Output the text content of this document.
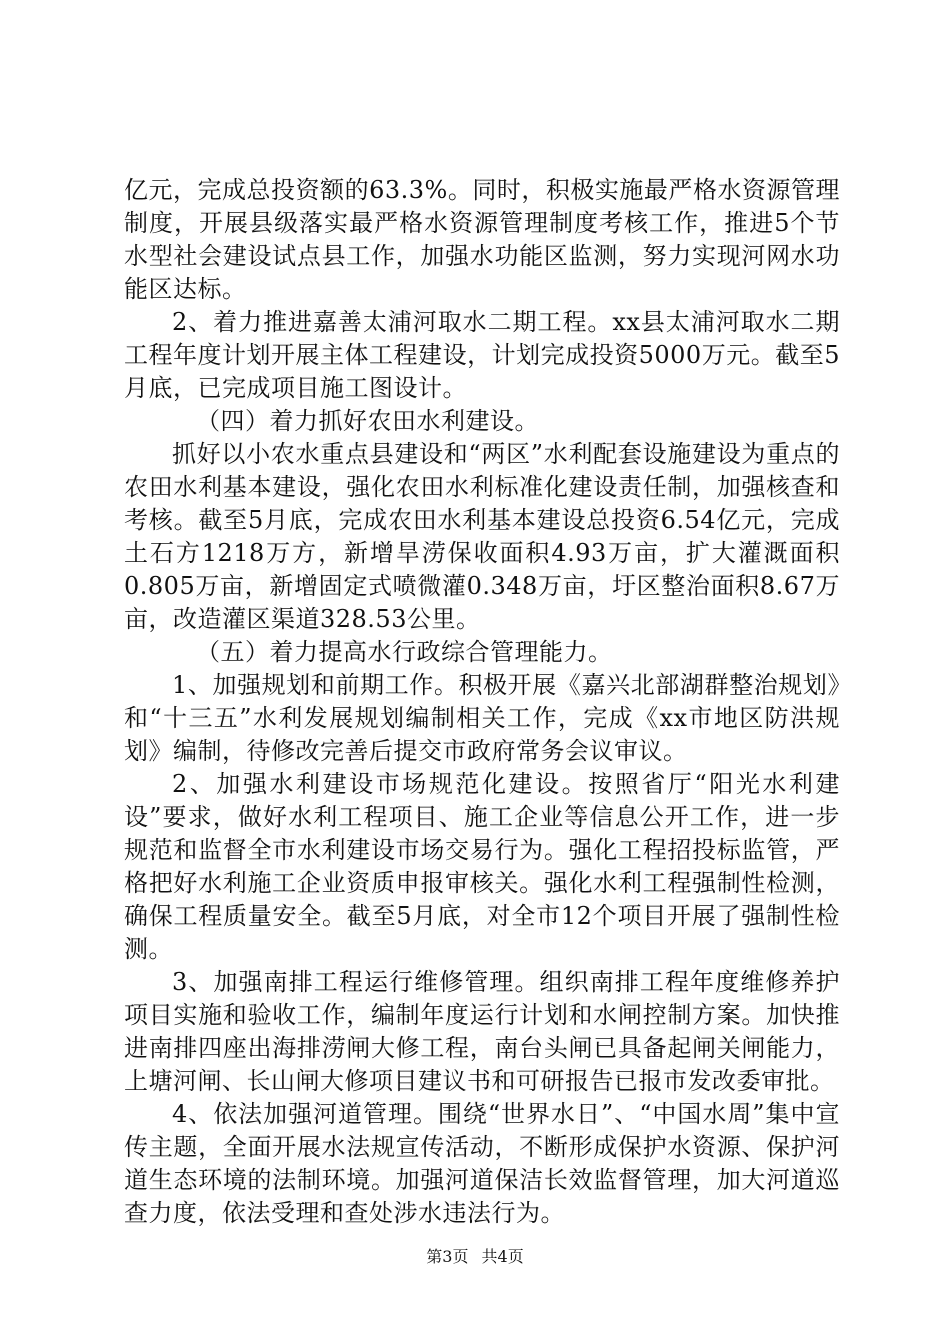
亿元，完成总投资额的63.3%。同时，积极实施最严格水资源管理制度，开展县级落实最严格水资源管理制度考核工作，推进5个节水型社会建设试点县工作，加强水功能区监测，努力实现河网水功能区达标。

2、着力推进嘉善太浦河取水二期工程。xx县太浦河取水二期工程年度计划开展主体工程建设，计划完成投资5000万元。截至5月底，已完成项目施工图设计。

（四）着力抓好农田水利建设。

抓好以小农水重点县建设和“两区”水利配套设施建设为重点的农田水利基本建设，强化农田水利标准化建设责任制，加强核查和考核。截至5月底，完成农田水利基本建设总投资6.54亿元，完成土石方1218万方，新增旱涝保收面积4.93万亩，扩大灌溉面积0.805万亩，新增固定式喷微灌0.348万亩，圩区整治面积8.67万亩，改造灌区渠道328.53公里。

（五）着力提高水行政综合管理能力。

1、加强规划和前期工作。积极开展《嘉兴北部湖群整治规划》和“十三五”水利发展规划编制相关工作，完成《xx市地区防洪规划》编制，待修改完善后提交市政府常务会议审议。

2、加强水利建设市场规范化建设。按照省厅“阳光水利建设”要求，做好水利工程项目、施工企业等信息公开工作，进一步规范和监督全市水利建设市场交易行为。强化工程招投标监管，严格把好水利施工企业资质申报审核关。强化水利工程强制性检测，确保工程质量安全。截至5月底，对全市12个项目开展了强制性检测。

3、加强南排工程运行维修管理。组织南排工程年度维修养护项目实施和验收工作，编制年度运行计划和水闸控制方案。加快推进南排四座出海排涝闸大修工程，南台头闸已具备起闸关闸能力，上塘河闸、长山闸大修项目建议书和可研报告已报市发改委审批。

4、依法加强河道管理。围绕“世界水日”、“中国水周”集中宣传主题，全面开展水法规宣传活动，不断形成保护水资源、保护河道生态环境的法制环境。加强河道保洁长效监督管理，加大河道巡查力度，依法受理和查处涉水违法行为。

第3页 共4页
